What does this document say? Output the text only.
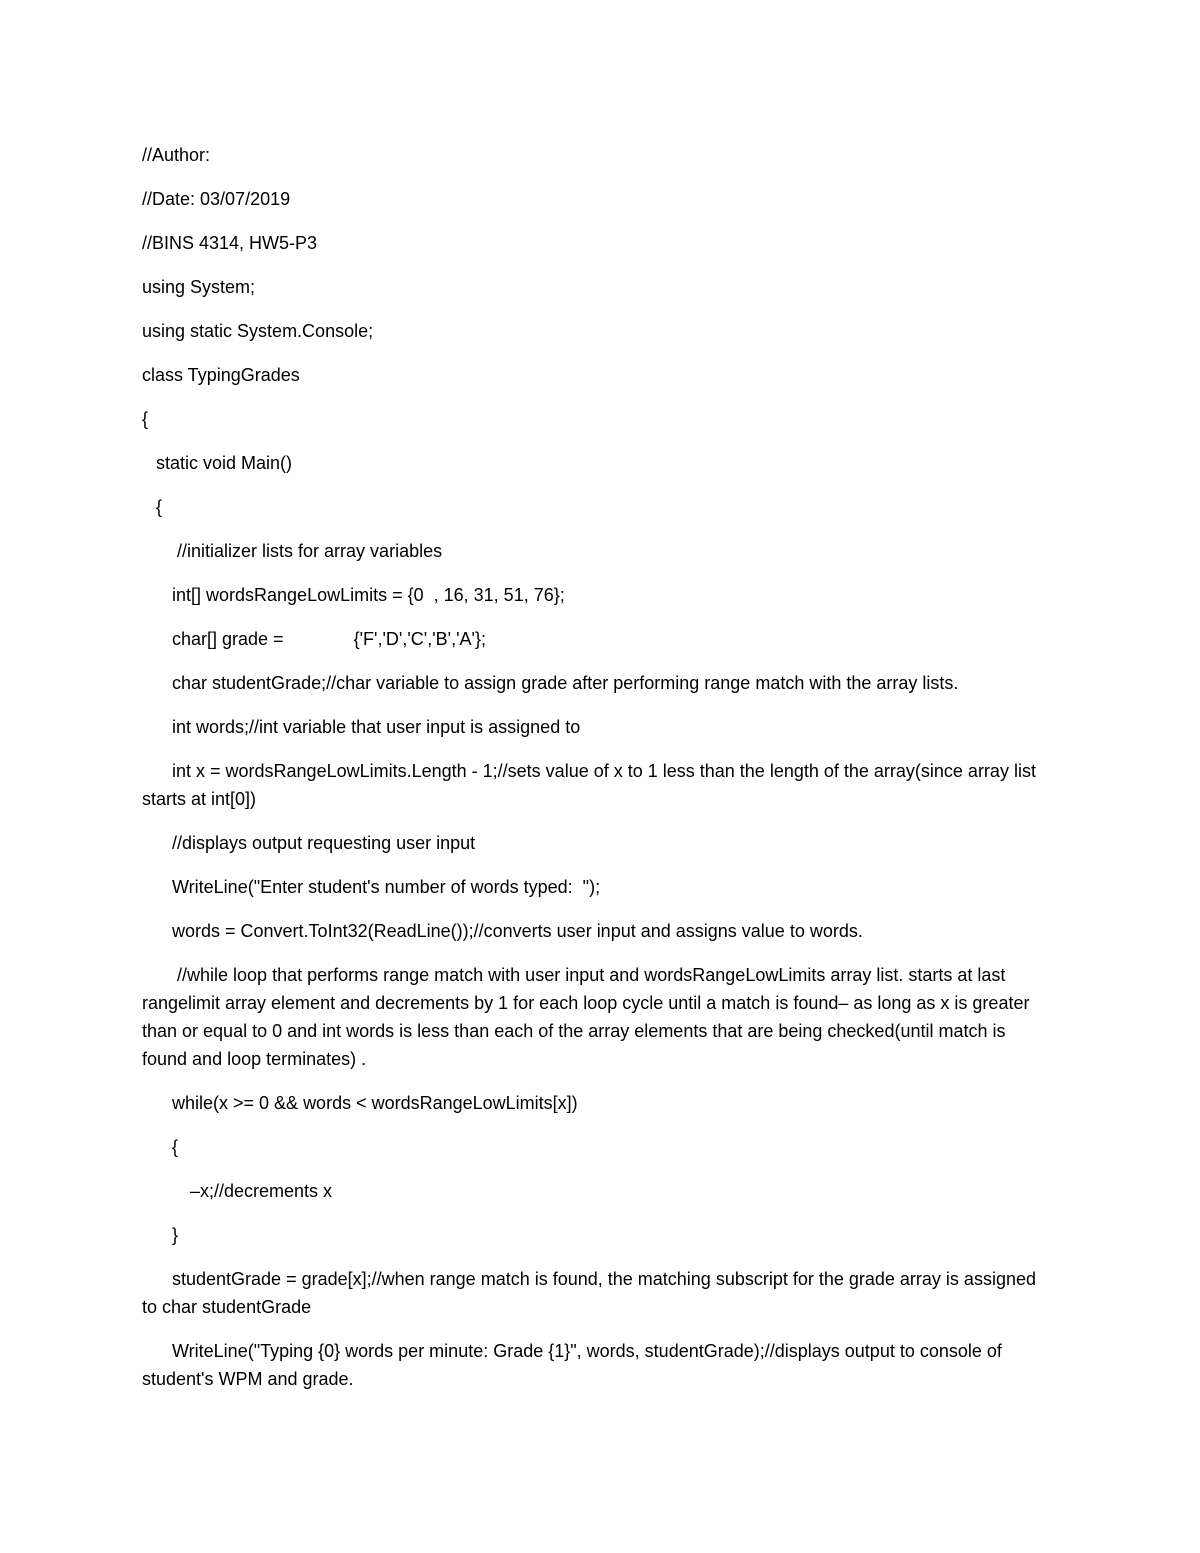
//Author:
//Date: 03/07/2019
//BINS 4314, HW5-P3
using System;
using static System.Console;
class TypingGrades
{
static void Main()
{
//initializer lists for array variables
int[] wordsRangeLowLimits = {0  , 16, 31, 51, 76};
char[] grade =              {'F','D','C','B','A'};
char studentGrade;//char variable to assign grade after performing range match with the array lists.
int words;//int variable that user input is assigned to
int x = wordsRangeLowLimits.Length - 1;//sets value of x to 1 less than the length of the array(since array list starts at int[0])
//displays output requesting user input
WriteLine("Enter student's number of words typed:  ");
words = Convert.ToInt32(ReadLine());//converts user input and assigns value to words.
//while loop that performs range match with user input and wordsRangeLowLimits array list. starts at last rangelimit array element and decrements by 1 for each loop cycle until a match is found– as long as x is greater than or equal to 0 and int words is less than each of the array elements that are being checked(until match is found and loop terminates) .
while(x >= 0 && words < wordsRangeLowLimits[x])
{
–x;//decrements x
}
studentGrade = grade[x];//when range match is found, the matching subscript for the grade array is assigned to char studentGrade
WriteLine("Typing {0} words per minute: Grade {1}", words, studentGrade);//displays output to console of student's WPM and grade.
